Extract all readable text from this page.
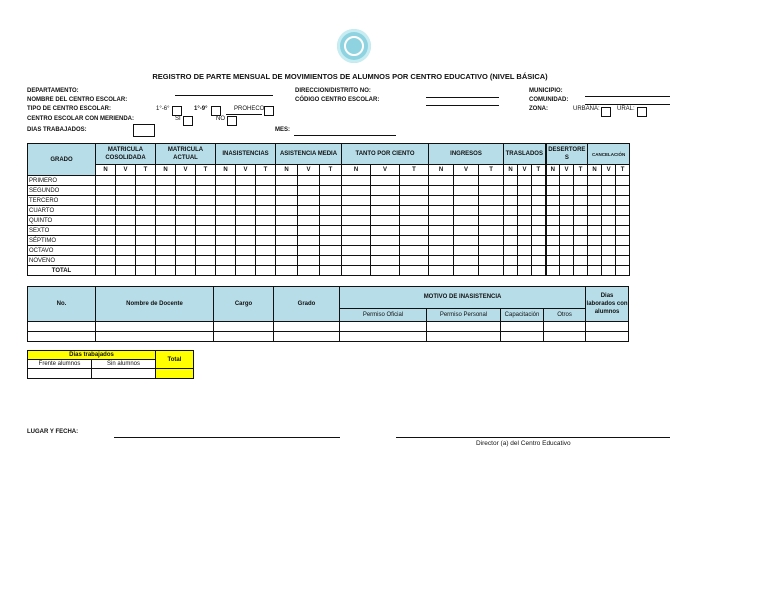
REGISTRO DE PARTE MENSUAL DE MOVIMIENTOS DE ALUMNOS POR CENTRO EDUCATIVO (NIVEL BÁSICA)
DEPARTAMENTO:
NOMBRE DEL CENTRO ESCOLAR:
TIPO DE CENTRO ESCOLAR:	1°-6°	1°-9°	PROHECO
CENTRO ESCOLAR CON MERIENDA:	SI	NO
DIAS TRABAJADOS:
DIRECCION/DISTRITO NO:
CÓDIGO CENTRO ESCOLAR:
MES:
MUNICIPIO:
COMUNIDAD:
ZONA:	URBANA:	URAL:
GRADO	MATRICULA COSOLIDADA			MATRICULA ACTUAL			INASISTENCIAS			ASISTENCIA MEDIA			TANTO POR CIENTO			INGRESOS			TRASLADOS			DESERTORES			CANCELACIÓN		
	N	V	T	N	V	T	N	V	T	N	V	T	N	V	T	N	V	T	N	V	T	N	V	T	N	V	T
PRIMERO																											
SEGUNDO																											
TERCERO																											
CUARTO																											
QUINTO																											
SEXTO																											
SÉPTIMO																											
OCTAVO																											
NOVENO																											
TOTAL																											
No.	Nombre de Docente	Cargo	Grado	MOTIVO DE INASISTENCIA				Dias laborados con alumnos
				Permiso Oficial	Permiso Personal	Capacitación	Otros	

Dias trabajados		Total
Frente alumnos	Sin alumnos	

LUGAR Y FECHA:
Director (a) del Centro Educativo
